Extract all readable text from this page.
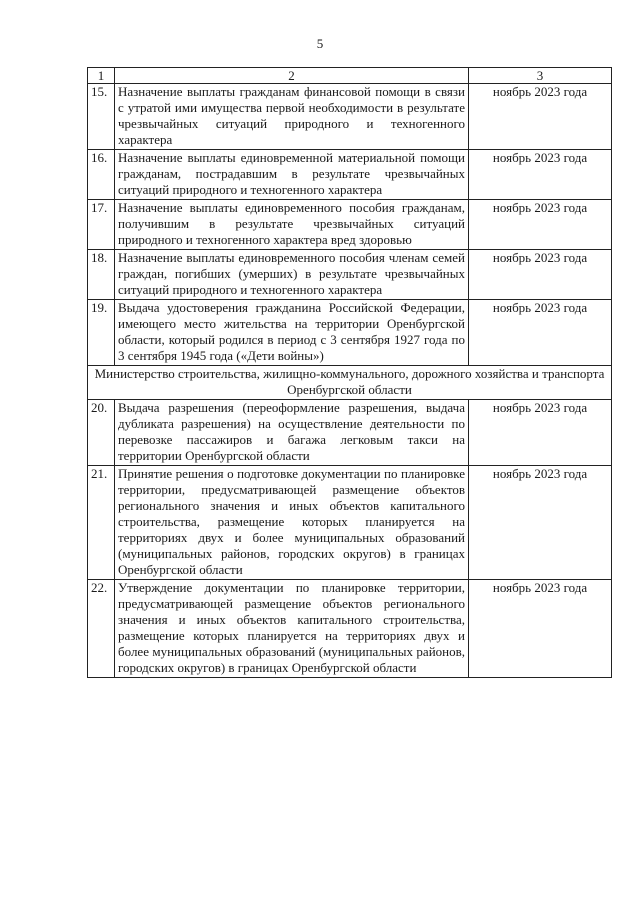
5
1	2	3
15.	Назначение выплаты гражданам финансовой помощи в связи с утратой ими имущества первой необходимости в результате чрезвычайных ситуаций природного и техногенного характера	ноябрь 2023 года
16.	Назначение выплаты единовременной материальной помощи гражданам, пострадавшим в результате чрезвычайных ситуаций природного и техногенного характера	ноябрь 2023 года
17.	Назначение выплаты единовременного пособия гражданам, получившим в результате чрезвычайных ситуаций природного и техногенного характера вред здоровью	ноябрь 2023 года
18.	Назначение выплаты единовременного пособия членам семей граждан, погибших (умерших) в результате чрезвычайных ситуаций природного и техногенного характера	ноябрь 2023 года
19.	Выдача удостоверения гражданина Российской Федерации, имеющего место жительства на территории Оренбургской области, который родился в период с 3 сентября 1927 года по 3 сентября 1945 года («Дети войны»)	ноябрь 2023 года
Министерство строительства, жилищно-коммунального, дорожного хозяйства и транспорта Оренбургской области		
20.	Выдача разрешения (переоформление разрешения, выдача дубликата разрешения) на осуществление деятельности по перевозке пассажиров и багажа легковым такси на территории Оренбургской области	ноябрь 2023 года
21.	Принятие решения о подготовке документации по планировке территории, предусматривающей размещение объектов регионального значения и иных объектов капитального строительства, размещение которых планируется на территориях двух и более муниципальных образований (муниципальных районов, городских округов) в границах Оренбургской области	ноябрь 2023 года
22.	Утверждение документации по планировке территории, предусматривающей размещение объектов регионального значения и иных объектов капитального строительства, размещение которых планируется на территориях двух и более муниципальных образований (муниципальных районов, городских округов) в границах Оренбургской области	ноябрь 2023 года
